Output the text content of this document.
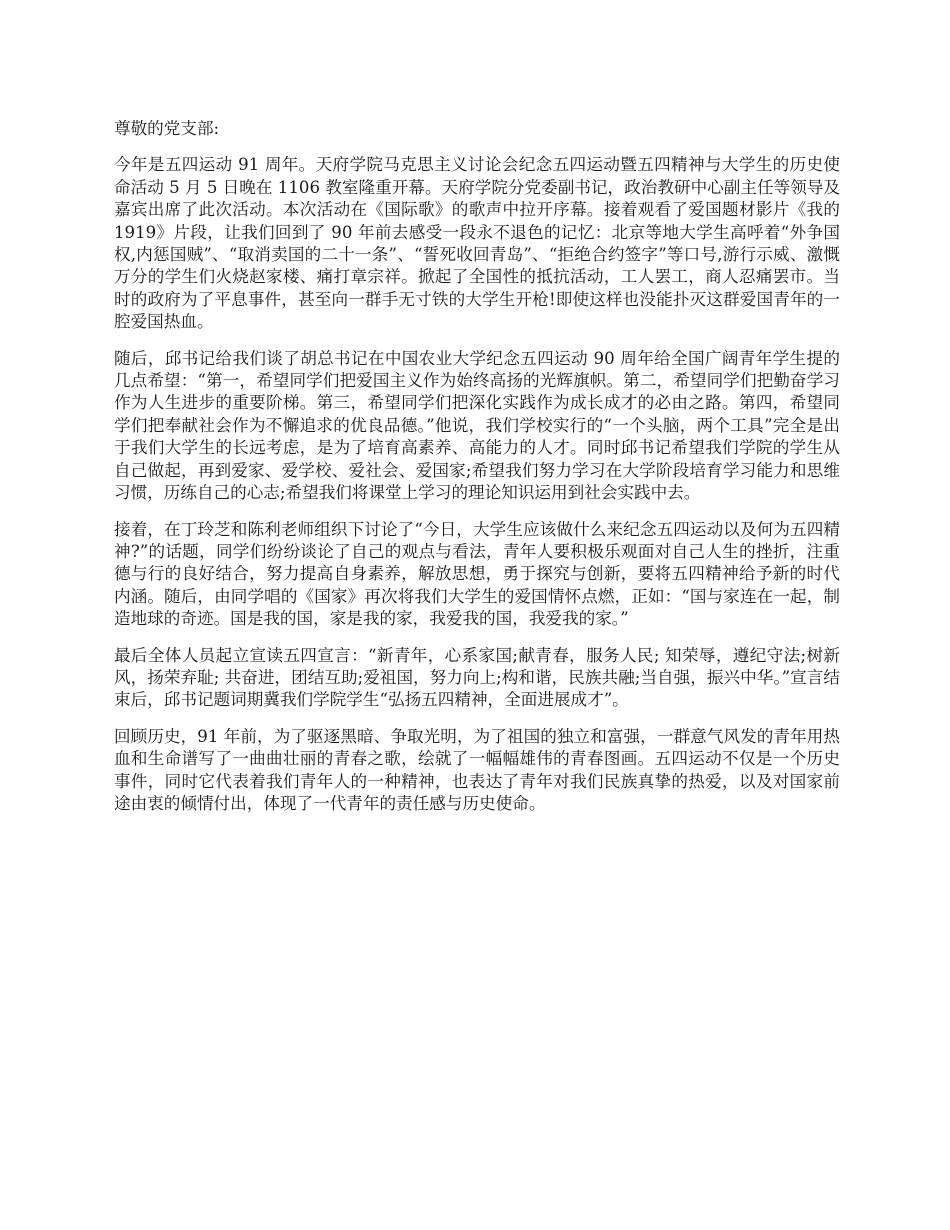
尊敬的党支部:

今年是五四运动 91 周年。天府学院马克思主义讨论会纪念五四运动暨五四精神与大学生的历史使命活动 5 月 5 日晚在 1106 教室隆重开幕。天府学院分党委副书记，政治教研中心副主任等领导及嘉宾出席了此次活动。本次活动在《国际歌》的歌声中拉开序幕。接着观看了爱国题材影片《我的 1919》片段，让我们回到了 90 年前去感受一段永不退色的记忆：北京等地大学生高呼着“外争国权,内惩国贼”、“取消卖国的二十一条”、“誓死收回青岛”、“拒绝合约签字”等口号,游行示威、激慨万分的学生们火烧赵家楼、痛打章宗祥。掀起了全国性的抵抗活动，工人罢工，商人忍痛罢市。当时的政府为了平息事件，甚至向一群手无寸铁的大学生开枪!即使这样也没能扑灭这群爱国青年的一腔爱国热血。

随后，邱书记给我们谈了胡总书记在中国农业大学纪念五四运动 90 周年给全国广阔青年学生提的几点希望：“第一，希望同学们把爱国主义作为始终高扬的光辉旗帜。第二，希望同学们把勤奋学习作为人生进步的重要阶梯。第三，希望同学们把深化实践作为成长成才的必由之路。第四，希望同学们把奉献社会作为不懈追求的优良品德。”他说，我们学校实行的“一个头脑，两个工具”完全是出于我们大学生的长远考虑，是为了培育高素养、高能力的人才。同时邱书记希望我们学院的学生从自己做起，再到爱家、爱学校、爱社会、爱国家;希望我们努力学习在大学阶段培育学习能力和思维习惯，历练自己的心志;希望我们将课堂上学习的理论知识运用到社会实践中去。

接着，在丁玲芝和陈利老师组织下讨论了“今日，大学生应该做什么来纪念五四运动以及何为五四精神?”的话题，同学们纷纷谈论了自己的观点与看法，青年人要积极乐观面对自己人生的挫折，注重德与行的良好结合，努力提高自身素养，解放思想，勇于探究与创新，要将五四精神给予新的时代内涵。随后，由同学唱的《国家》再次将我们大学生的爱国情怀点燃，正如：“国与家连在一起，制造地球的奇迹。国是我的国，家是我的家，我爱我的国，我爱我的家。”

最后全体人员起立宣读五四宣言：“新青年，心系家国;献青春，服务人民; 知荣辱，遵纪守法;树新风，扬荣弃耻; 共奋进，团结互助;爱祖国，努力向上;构和谐，民族共融;当自强，振兴中华。”宣言结束后，邱书记题词期冀我们学院学生“弘扬五四精神，全面进展成才”。

回顾历史，91 年前，为了驱逐黑暗、争取光明，为了祖国的独立和富强，一群意气风发的青年用热血和生命谱写了一曲曲壮丽的青春之歌，绘就了一幅幅雄伟的青春图画。五四运动不仅是一个历史事件，同时它代表着我们青年人的一种精神，也表达了青年对我们民族真挚的热爱，以及对国家前途由衷的倾情付出，体现了一代青年的责任感与历史使命。
